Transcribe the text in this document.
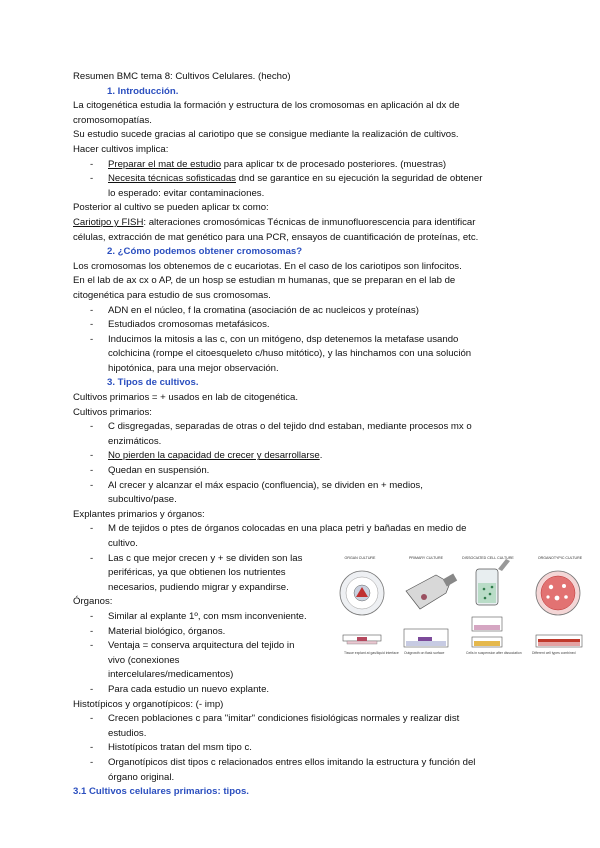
Resumen BMC tema 8: Cultivos Celulares. (hecho)
1. Introducción.
La citogenética estudia la formación y estructura de los cromosomas en aplicación al dx de
cromosomopatías.
Su estudio sucede gracias al cariotipo que se consigue mediante la realización de cultivos.
Hacer cultivos implica:
- Preparar el mat de estudio para aplicar tx de procesado posteriores. (muestras)
- Necesita técnicas sofisticadas dnd se garantice en su ejecución la seguridad de obtener
lo esperado: evitar contaminaciones.
Posterior al cultivo se pueden aplicar tx como:
Cariotipo y FISH: alteraciones cromosómicas Técnicas de inmunofluorescencia para identificar
células, extracción de mat genético para una PCR, ensayos de cuantificación de proteínas, etc.
2. ¿Cómo podemos obtener cromosomas?
Los cromosomas los obtenemos de c eucariotas. En el caso de los cariotipos son linfocitos.
En el lab de ax cx o AP, de un hosp se estudian m humanas, que se preparan en el lab de
citogenética para estudio de sus cromosomas.
- ADN en el núcleo, f la cromatina (asociación de ac nucleicos y proteínas)
- Estudiados cromosomas metafásicos.
- Inducimos la mitosis a las c, con un mitógeno, dsp detenemos la metafase usando
colchicina (rompe el citoesqueleto c/huso mitótico), y las hinchamos con una solución
hipotónica, para una mejor observación.
3. Tipos de cultivos.
Cultivos primarios = + usados en lab de citogenética.
Cultivos primarios:
- C disgregadas, separadas de otras o del tejido dnd estaban, mediante procesos mx o
enzimáticos.
- No pierden la capacidad de crecer y desarrollarse.
- Quedan en suspensión.
- Al crecer y alcanzar el máx espacio (confluencia), se dividen en + medios,
subcultivo/pase.
Explantes primarios y órganos:
- M de tejidos o ptes de órganos colocadas en una placa petri y bañadas en medio de
cultivo.
- Las c que mejor crecen y + se dividen son las
periféricas, ya que obtienen los nutrientes
necesarios, pudiendo migrar y expandirse.
Órganos:
- Similar al explante 1º, con msm inconveniente.
- Material biológico, órganos.
- Ventaja = conserva arquitectura del tejido in
vivo (conexiones
intercelulares/medicamentos)
- Para cada estudio un nuevo explante.
Histotípicos y organotípicos: (- imp)
- Crecen poblaciones c para "imitar" condiciones fisiológicas normales y realizar dist
estudios.
- Histotípicos tratan del msm tipo c.
- Organotípicos dist tipos c relacionados entres ellos imitando la estructura y función del
órgano original.
3.1 Cultivos celulares primarios: tipos.
ORGAN CULTURE	PRIMARY CULTURE	DISSOCIATED CELL CULTURE	ORGANOTYPIC CULTURE
Tissue explant at gas/liquid interface Outgrowth on flask surface	Cells in suspension after dissociation	Different cell types combined
